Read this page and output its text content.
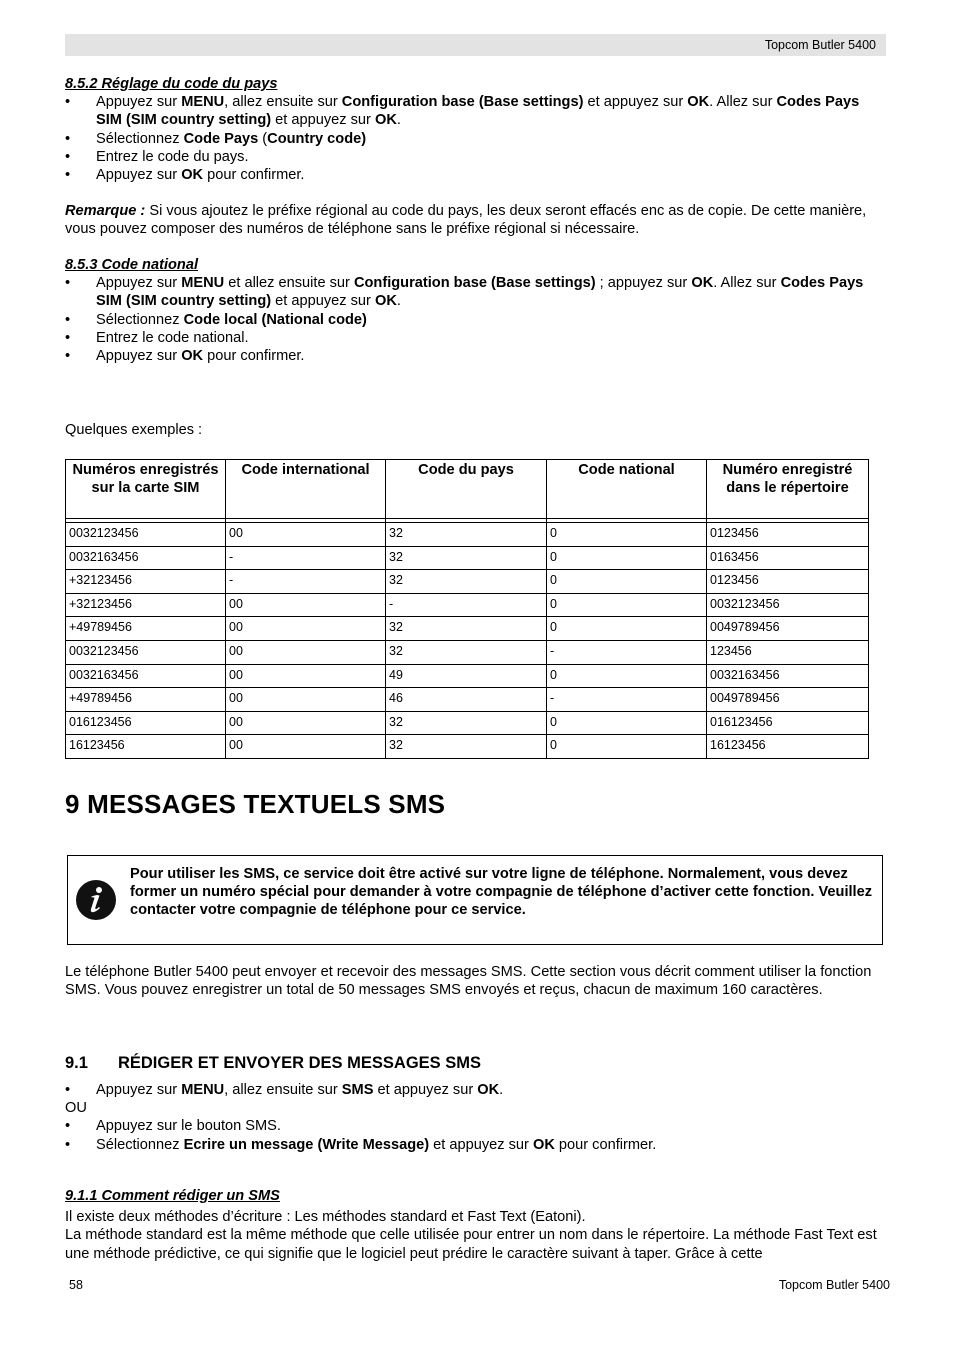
Topcom Butler 5400
8.5.2 Réglage du code du pays
• Appuyez sur MENU, allez ensuite sur Configuration base (Base settings) et appuyez sur OK. Allez sur Codes Pays SIM (SIM country setting) et appuyez sur OK.
• Sélectionnez Code Pays (Country code)
• Entrez le code du pays.
• Appuyez sur OK pour confirmer.

Remarque : Si vous ajoutez le préfixe régional au code du pays, les deux seront effacés enc as de copie. De cette manière, vous pouvez composer des numéros de téléphone sans le préfixe régional si nécessaire.

8.5.3 Code national
• Appuyez sur MENU et allez ensuite sur Configuration base (Base settings) ; appuyez sur OK. Allez sur Codes Pays SIM (SIM country setting) et appuyez sur OK.
• Sélectionnez Code local (National code)
• Entrez le code national.
• Appuyez sur OK pour confirmer.
Quelques exemples :
Numéros enregistrés sur la carte SIM	Code international	Code du pays	Code national	Numéro enregistré dans le répertoire

0032123456	00	32	0	0123456
0032163456	-	32	0	0163456
+32123456	-	32	0	0123456
+32123456	00	-	0	0032123456
+49789456	00	32	0	0049789456
0032123456	00	32	-	123456
0032163456	00	49	0	0032163456
+49789456	00	46	-	0049789456
016123456	00	32	0	016123456
16123456	00	32	0	16123456
9 MESSAGES TEXTUELS SMS
Pour utiliser les SMS, ce service doit être activé sur votre ligne de téléphone. Normalement, vous devez former un numéro spécial pour demander à votre compagnie de téléphone d’activer cette fonction. Veuillez contacter votre compagnie de téléphone pour ce service.

Le téléphone Butler 5400 peut envoyer et recevoir des messages SMS. Cette section vous décrit comment utiliser la fonction SMS. Vous pouvez enregistrer un total de 50 messages SMS envoyés et reçus, chacun de maximum 160 caractères.

9.1 RÉDIGER ET ENVOYER DES MESSAGES SMS
• Appuyez sur MENU, allez ensuite sur SMS et appuyez sur OK.
OU
• Appuyez sur le bouton SMS.
• Sélectionnez Ecrire un message (Write Message) et appuyez sur OK pour confirmer.
9.1.1 Comment rédiger un SMS

Il existe deux méthodes d’écriture : Les méthodes standard et Fast Text (Eatoni).

La méthode standard est la même méthode que celle utilisée pour entrer un nom dans le répertoire. La méthode Fast Text est une méthode prédictive, ce qui signifie que le logiciel peut prédire le caractère suivant à taper. Grâce à cette

58	Topcom Butler 5400
